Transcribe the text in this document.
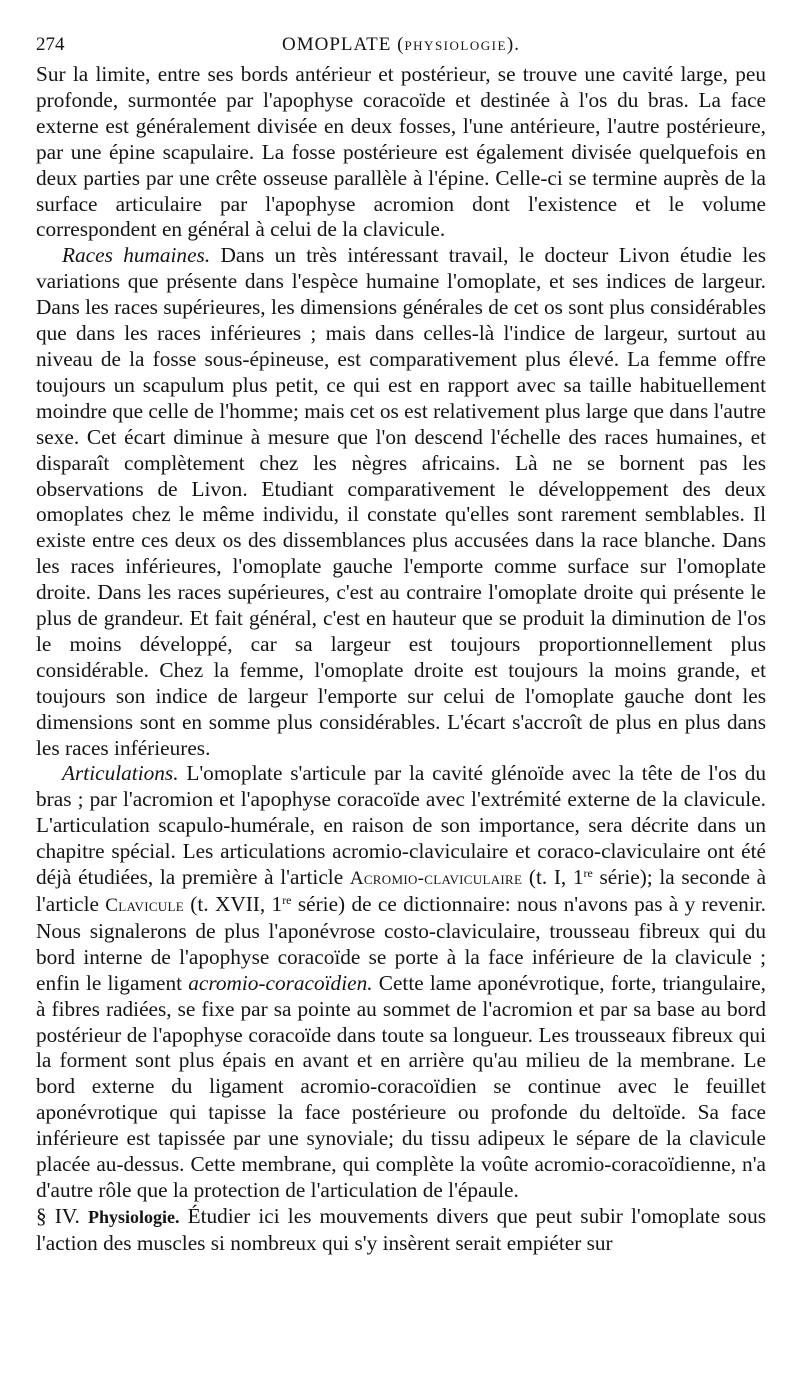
274	OMOPLATE (PHYSIOLOGIE).

Sur la limite, entre ses bords antérieur et postérieur, se trouve une cavité large, peu profonde, surmontée par l'apophyse coracoïde et destinée à l'os du bras. La face externe est généralement divisée en deux fosses, l'une antérieure, l'autre postérieure, par une épine scapulaire. La fosse postérieure est également divisée quelquefois en deux parties par une crête osseuse parallèle à l'épine. Celle-ci se termine auprès de la surface articulaire par l'apophyse acromion dont l'existence et le volume correspondent en général à celui de la clavicule.

Races humaines. Dans un très intéressant travail, le docteur Livon étudie les variations que présente dans l'espèce humaine l'omoplate, et ses indices de largeur. Dans les races supérieures, les dimensions générales de cet os sont plus considérables que dans les races inférieures ; mais dans celles-là l'indice de largeur, surtout au niveau de la fosse sous-épineuse, est comparativement plus élevé. La femme offre toujours un scapulum plus petit, ce qui est en rapport avec sa taille habituellement moindre que celle de l'homme; mais cet os est relativement plus large que dans l'autre sexe. Cet écart diminue à mesure que l'on descend l'échelle des races humaines, et disparaît complètement chez les nègres africains. Là ne se bornent pas les observations de Livon. Etudiant comparativement le développement des deux omoplates chez le même individu, il constate qu'elles sont rarement semblables. Il existe entre ces deux os des dissemblances plus accusées dans la race blanche. Dans les races inférieures, l'omoplate gauche l'emporte comme surface sur l'omoplate droite. Dans les races supérieures, c'est au contraire l'omoplate droite qui présente le plus de grandeur. Et fait général, c'est en hauteur que se produit la diminution de l'os le moins développé, car sa largeur est toujours proportionnellement plus considérable. Chez la femme, l'omoplate droite est toujours la moins grande, et toujours son indice de largeur l'emporte sur celui de l'omoplate gauche dont les dimensions sont en somme plus considérables. L'écart s'accroît de plus en plus dans les races inférieures.

Articulations. L'omoplate s'articule par la cavité glénoïde avec la tête de l'os du bras ; par l'acromion et l'apophyse coracoïde avec l'extrémité externe de la clavicule. L'articulation scapulo-humérale, en raison de son importance, sera décrite dans un chapitre spécial. Les articulations acromio-claviculaire et coraco-claviculaire ont été déjà étudiées, la première à l'article Acromio-claviculaire (t. I, 1re série); la seconde à l'article Clavicule (t. XVII, 1re série) de ce dictionnaire: nous n'avons pas à y revenir. Nous signalerons de plus l'aponévrose costo-claviculaire, trousseau fibreux qui du bord interne de l'apophyse coracoïde se porte à la face inférieure de la clavicule ; enfin le ligament acromio-coracoïdien. Cette lame aponévrotique, forte, triangulaire, à fibres radiées, se fixe par sa pointe au sommet de l'acromion et par sa base au bord postérieur de l'apophyse coracoïde dans toute sa longueur. Les trousseaux fibreux qui la forment sont plus épais en avant et en arrière qu'au milieu de la membrane. Le bord externe du ligament acromio-coracoïdien se continue avec le feuillet aponévrotique qui tapisse la face postérieure ou profonde du deltoïde. Sa face inférieure est tapissée par une synoviale; du tissu adipeux le sépare de la clavicule placée au-dessus. Cette membrane, qui complète la voûte acromio-coracoïdienne, n'a d'autre rôle que la protection de l'articulation de l'épaule.

§ IV. Physiologie. Étudier ici les mouvements divers que peut subir l'omoplate sous l'action des muscles si nombreux qui s'y insèrent serait empiéter sur
